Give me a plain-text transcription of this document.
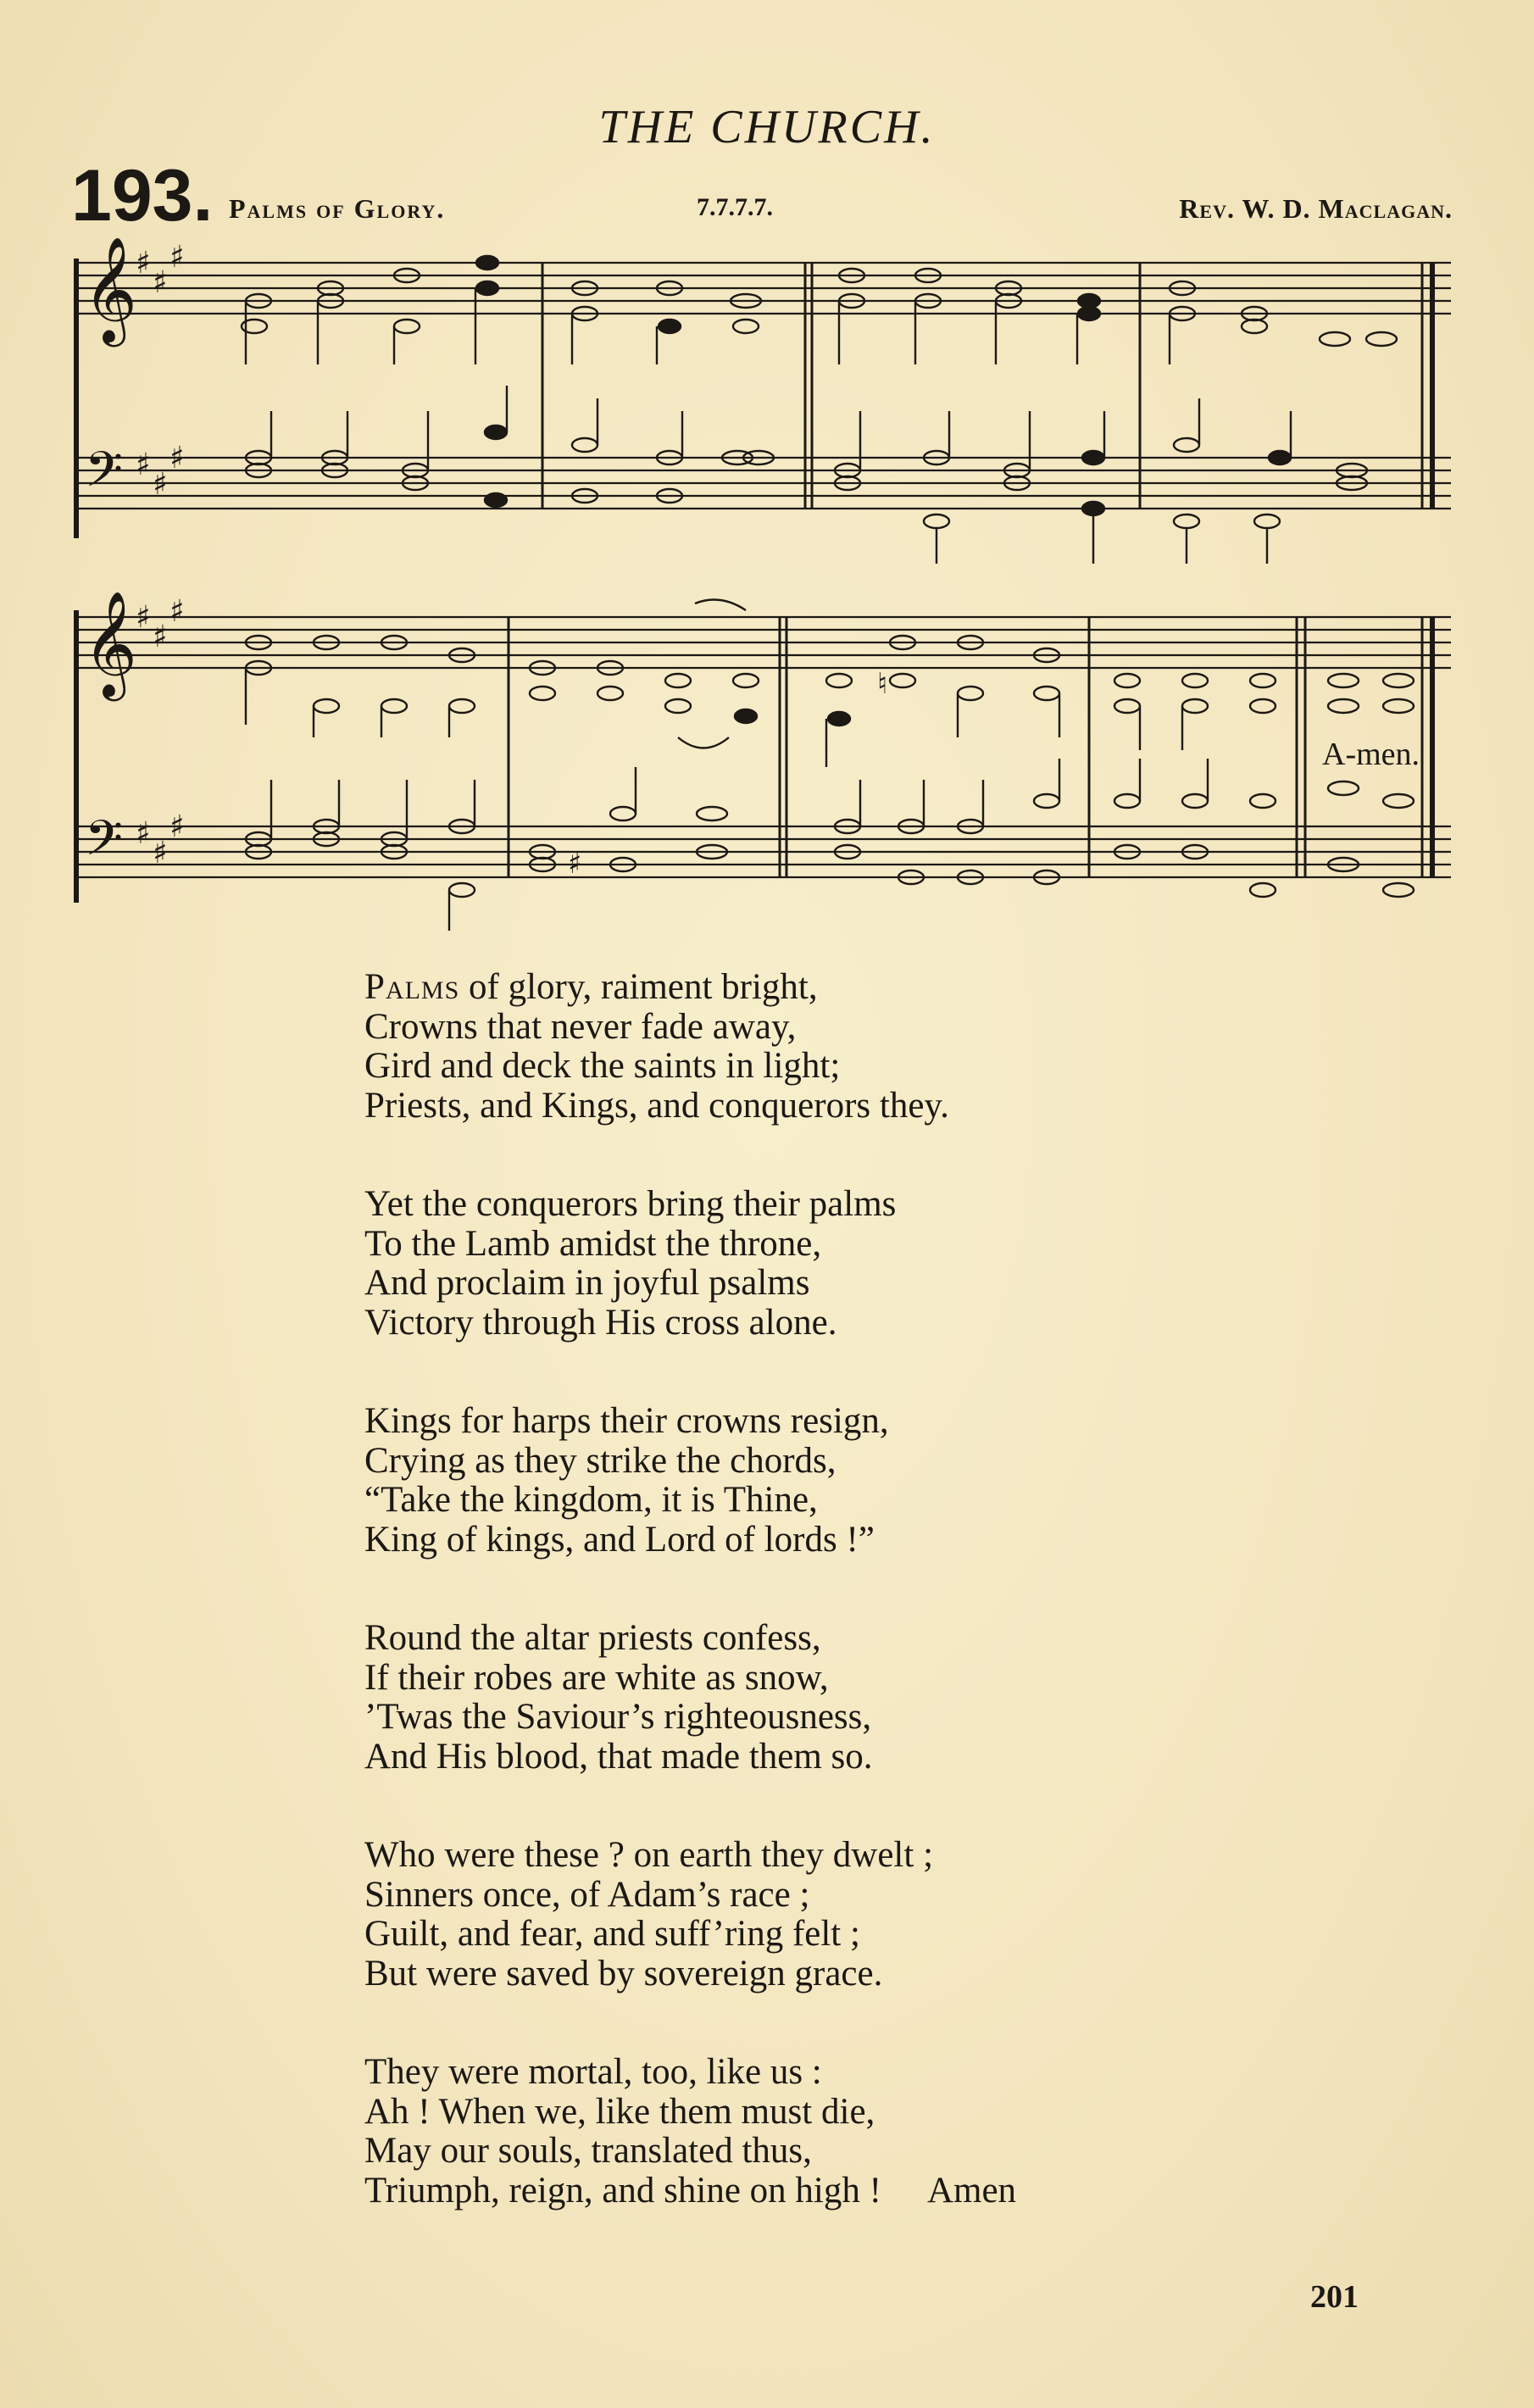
THE CHURCH.
193. Palms of Glory.	7.7.7.7.	Rev. W. D. Maclagan.
𝄞
𝄢
♯
♯
♯
♯
♯
♯
𝄞
𝄢
♯
♯
♯
♯
♯
♯
♮
♯
A-men.
Palms of glory, raiment bright,
Crowns that never fade away,
Gird and deck the saints in light;
Priests, and Kings, and conquerors they.
Yet the conquerors bring their palms
To the Lamb amidst the throne,
And proclaim in joyful psalms
Victory through His cross alone.
Kings for harps their crowns resign,
Crying as they strike the chords,
“Take the kingdom, it is Thine,
King of kings, and Lord of lords !”
Round the altar priests confess,
If their robes are white as snow,
’Twas the Saviour’s righteousness,
And His blood, that made them so.
Who were these ? on earth they dwelt ;
Sinners once, of Adam’s race ;
Guilt, and fear, and suff’ring felt ;
But were saved by sovereign grace.
They were mortal, too, like us :
Ah ! When we, like them must die,
May our souls, translated thus,
Triumph, reign, and shine on high ! Amen
201
